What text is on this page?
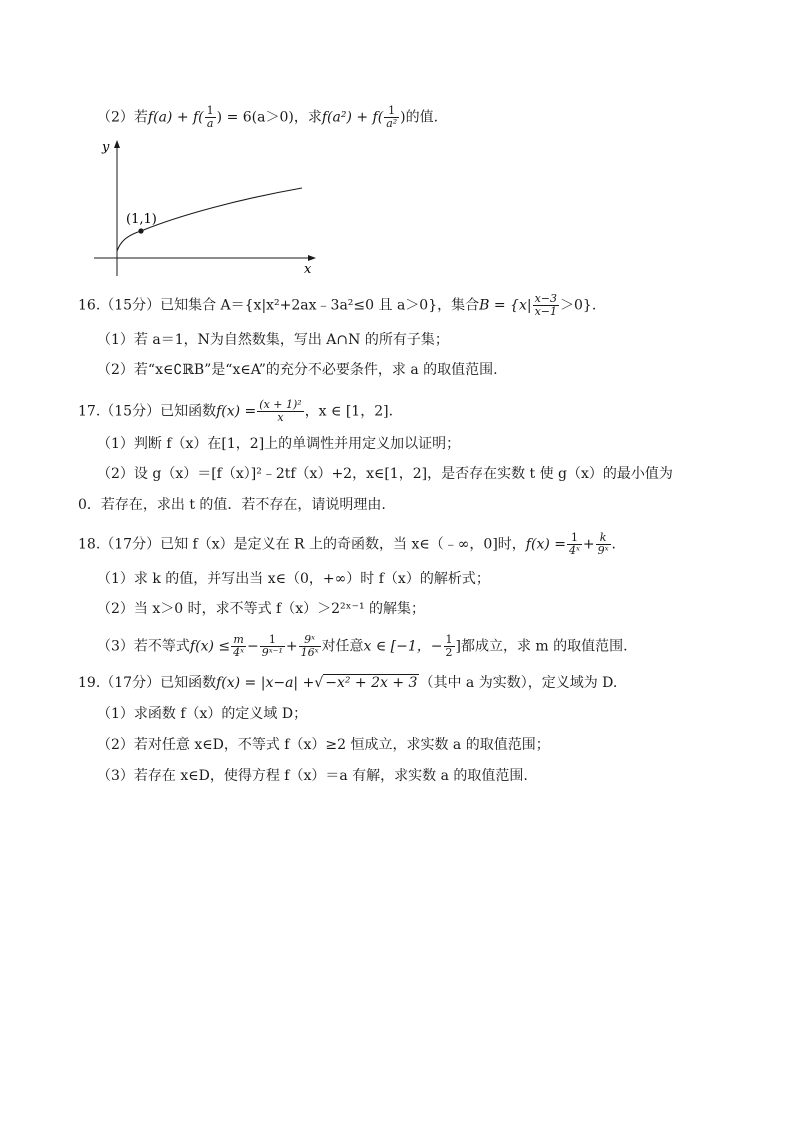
（2）若$f(a) + f( \frac{1}{a}$ ) = 6(a＞0)，求$f(a^2) + f( \frac{1}{\text{a²}}$ )的值.
y
x
(1,1)
16.（15分）已知集合 A＝{x|x²+2ax﹣3a²≤0 且 a＞0}，集合$B = \{x| \frac{x-3}{x-1} >0\}$.
（1）若 a＝1，N为自然数集，写出 A∩N 的所有子集；
（2）若“x∈∁ℝB”是“x∈A”的充分不必要条件，求 a 的取值范围.
17.（15分）已知函数$f(x) = \frac{\text{(x + 1)²}}{x}$ ，x ∈ [1，2].
（1）判断 f（x）在[1，2]上的单调性并用定义加以证明；
（2）设 g（x）＝[f（x）]²﹣2tf（x）+2，x∈[1，2]，是否存在实数 t 使 g（x）的最小值为
0．若存在，求出 t 的值．若不存在，请说明理由.
18.（17分）已知 f（x）是定义在 R 上的奇函数，当 x∈（﹣∞，0]时，$f(x) = \frac{1}{\text{4ˣ}} + \frac{k}{\text{9ˣ}}$ .
（1）求 k 的值，并写出当 x∈（0，+∞）时 f（x）的解析式；
（2）当 x＞0 时，求不等式 f（x）＞2²ˣ⁻¹ 的解集；
（3）若不等式$f(x) \le \frac{m}{\text{4ˣ}} - \frac{1}{\text{9ˣ⁻¹}} + \frac{\text{9ˣ}}{\text{16ˣ}}$ 对任意x ∈ [−1，− $\frac{1}{2}$ ]都成立，求 m 的取值范围.
19.（17分）已知函数f(x) = |x−a| +√ −x² + 2x + 3 （其中 a 为实数），定义域为 D.
（1）求函数 f（x）的定义域 D；
（2）若对任意 x∈D，不等式 f（x）≥2 恒成立，求实数 a 的取值范围；
（3）若存在 x∈D，使得方程 f（x）＝a 有解，求实数 a 的取值范围.
